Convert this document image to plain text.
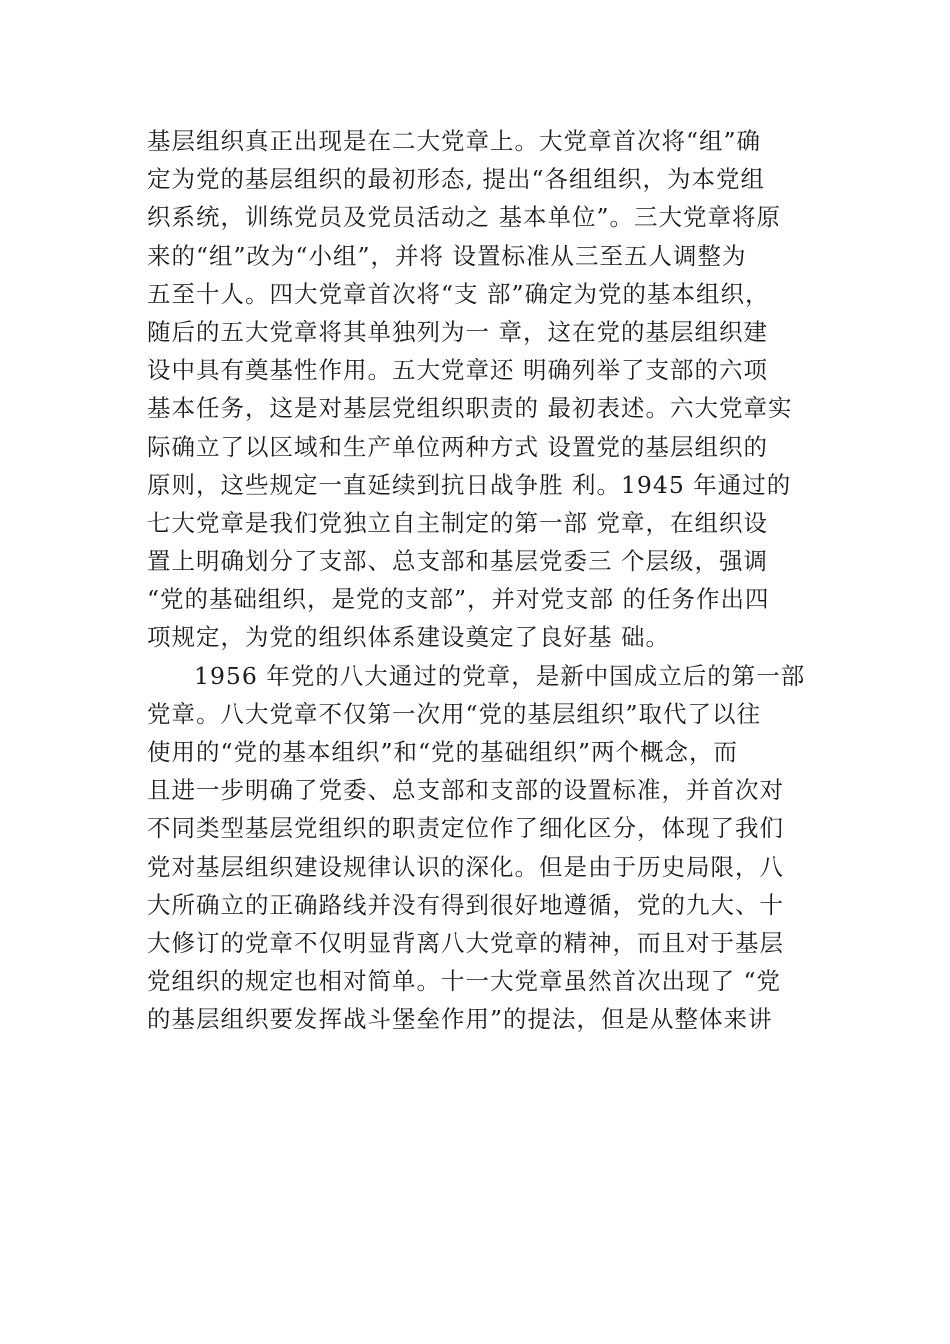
基层组织真正出现是在二大党章上。大党章首次将“组”确
定为党的基层组织的最初形态, 提出“各组组织，为本党组
织系统，训练党员及党员活动之 基本单位”。三大党章将原
来的“组”改为“小组”，并将 设置标准从三至五人调整为
五至十人。四大党章首次将“支 部”确定为党的基本组织，
随后的五大党章将其单独列为一 章，这在党的基层组织建
设中具有奠基性作用。五大党章还 明确列举了支部的六项
基本任务，这是对基层党组织职责的 最初表述。六大党章实
际确立了以区域和生产单位两种方式 设置党的基层组织的
原则，这些规定一直延续到抗日战争胜 利。1945 年通过的
七大党章是我们党独立自主制定的第一部 党章，在组织设
置上明确划分了支部、总支部和基层党委三 个层级，强调
“党的基础组织，是党的支部”，并对党支部 的任务作出四
项规定，为党的组织体系建设奠定了良好基 础。
1956 年党的八大通过的党章，是新中国成立后的第一部
党章。八大党章不仅第一次用“党的基层组织”取代了以往
使用的“党的基本组织”和“党的基础组织”两个概念，而
且进一步明确了党委、总支部和支部的设置标准，并首次对
不同类型基层党组织的职责定位作了细化区分，体现了我们
党对基层组织建设规律认识的深化。但是由于历史局限，八
大所确立的正确路线并没有得到很好地遵循，党的九大、十
大修订的党章不仅明显背离八大党章的精神，而且对于基层
党组织的规定也相对简单。十一大党章虽然首次出现了 “党
的基层组织要发挥战斗堡垒作用”的提法，但是从整体来讲
